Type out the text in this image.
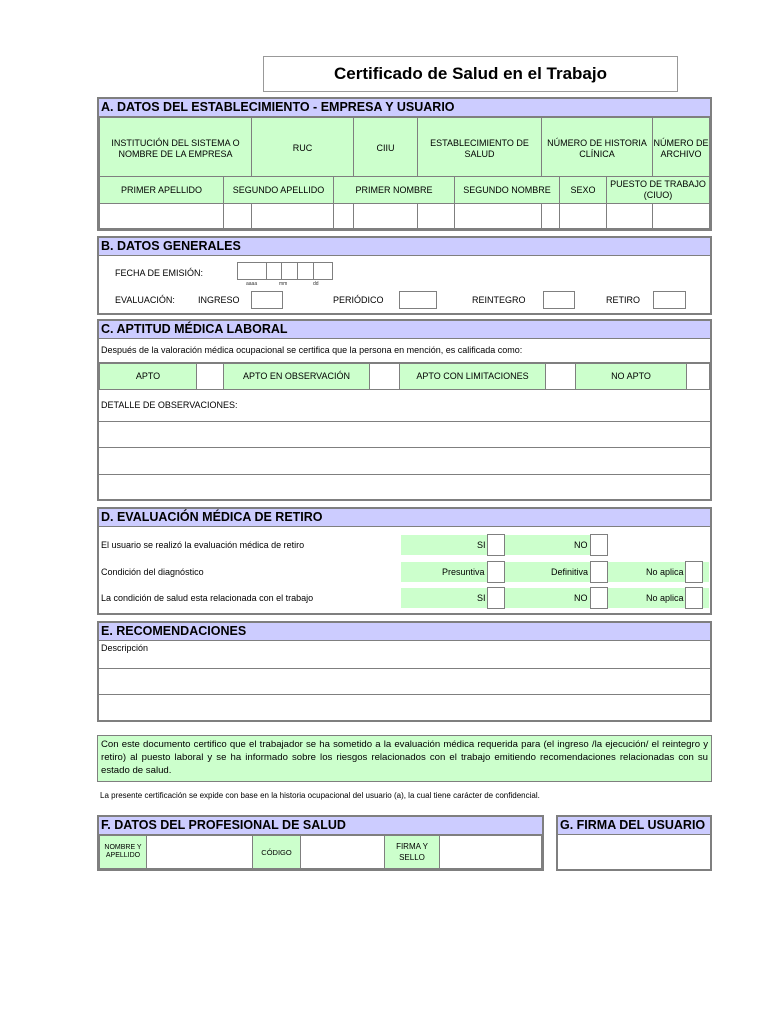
Certificado de Salud en el Trabajo
A. DATOS DEL ESTABLECIMIENTO - EMPRESA Y USUARIO
INSTITUCIÓN DEL SISTEMA O NOMBRE DE LA EMPRESA	RUC	CIIU	ESTABLECIMIENTO DE SALUD	NÚMERO DE HISTORIA CLÍNICA	NÚMERO DE ARCHIVO

PRIMER APELLIDO	SEGUNDO APELLIDO	PRIMER NOMBRE	SEGUNDO NOMBRE	SEXO	PUESTO DE TRABAJO (CIUO)

B. DATOS GENERALES
FECHA DE EMISIÓN:
aaaa	mm	dd
EVALUACIÓN:	INGRESO	PERIÓDICO	REINTEGRO	RETIRO
C. APTITUD MÉDICA LABORAL
Después de la valoración médica ocupacional se certifica que la persona en mención, es calificada como:
APTO		APTO EN OBSERVACIÓN		APTO CON LIMITACIONES		NO APTO	
DETALLE DE OBSERVACIONES:
D. EVALUACIÓN MÉDICA DE RETIRO
El usuario se realizó la evaluación médica de retiro	SI	NO
Condición del diagnóstico	Presuntiva	Definitiva	No aplica
La condición de salud esta relacionada con el trabajo	SI	NO	No aplica
E. RECOMENDACIONES
Descripción
Con este documento certifico que el trabajador se ha sometido a la evaluación médica requerida para (el ingreso /la ejecución/ el reintegro y retiro) al puesto laboral y se ha informado sobre los riesgos relacionados con el trabajo emitiendo recomendaciones relacionadas con su estado de salud.
La presente certificación se expide con base en la historia ocupacional del usuario (a), la cual tiene carácter de confidencial.
F. DATOS DEL PROFESIONAL DE SALUD
NOMBRE Y APELLIDO		CÓDIGO		FIRMA Y SELLO	
G. FIRMA DEL USUARIO
